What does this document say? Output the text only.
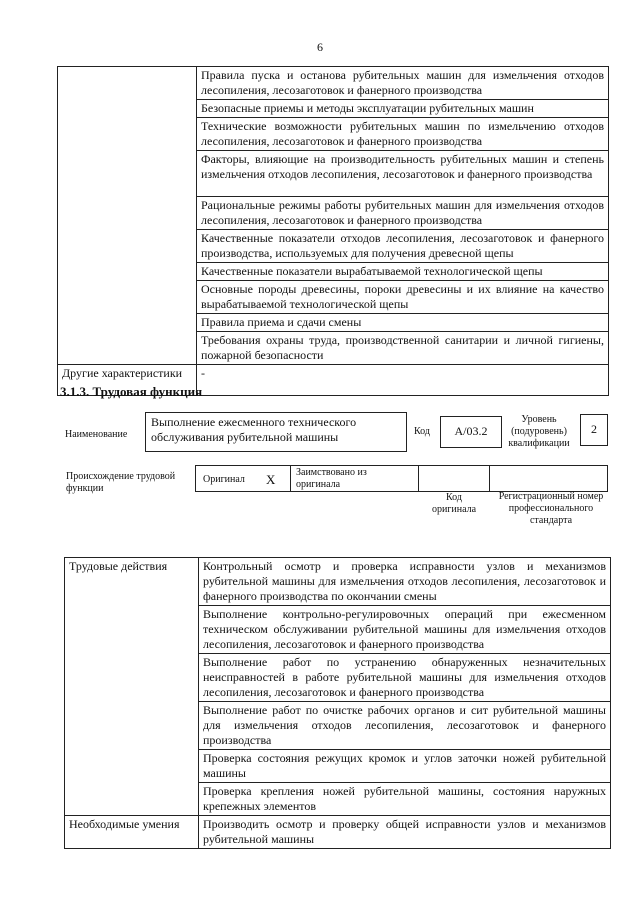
6
	Правила пуска и останова рубительных машин для измельчения отходов лесопиления, лесозаготовок и фанерного производства
	Безопасные приемы и методы эксплуатации рубительных машин
	Технические возможности рубительных машин по измельчению отходов лесопиления, лесозаготовок и фанерного производства
	Факторы, влияющие на производительность рубительных машин и степень измельчения отходов лесопиления, лесозаготовок и фанерного производства
	Рациональные режимы работы рубительных машин для измельчения отходов лесопиления, лесозаготовок и фанерного производства
	Качественные показатели отходов лесопиления, лесозаготовок и фанерного производства, используемых для получения древесной щепы
	Качественные показатели вырабатываемой технологической щепы
	Основные породы древесины, пороки древесины и их влияние на качество вырабатываемой технологической щепы
	Правила приема и сдачи смены
	Требования охраны труда, производственной санитарии и личной гигиены, пожарной безопасности
Другие характеристики	-
3.1.3. Трудовая функция
Наименование
Выполнение ежесменного технического обслуживания рубительной машины	Код	A/03.2
Уровень (подуровень) квалификации
2
Происхождение трудовой функции
Оригинал X Заимствовано из оригинала
Код оригинала
Регистрационный номер профессионального стандарта
Трудовые действия	Контрольный осмотр и проверка исправности узлов и механизмов рубительной машины для измельчения отходов лесопиления, лесозаготовок и фанерного производства по окончании смены
	Выполнение контрольно-регулировочных операций при ежесменном техническом обслуживании рубительной машины для измельчения отходов лесопиления, лесозаготовок и фанерного производства
	Выполнение работ по устранению обнаруженных незначительных неисправностей в работе рубительной машины для измельчения отходов лесопиления, лесозаготовок и фанерного производства
	Выполнение работ по очистке рабочих органов и сит рубительной машины для измельчения отходов лесопиления, лесозаготовок и фанерного производства
	Проверка состояния режущих кромок и углов заточки ножей рубительной машины
	Проверка крепления ножей рубительной машины, состояния наружных крепежных элементов
Необходимые умения	Производить осмотр и проверку общей исправности узлов и механизмов рубительной машины
